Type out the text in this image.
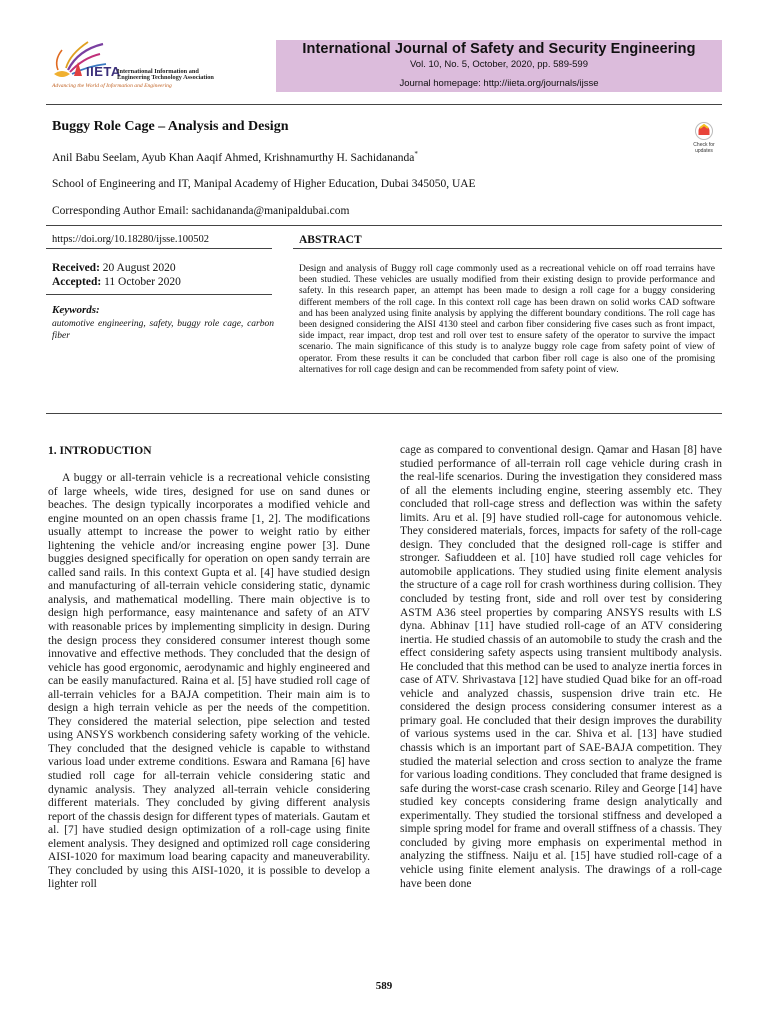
International Journal of Safety and Security Engineering
Vol. 10, No. 5, October, 2020, pp. 589-599
Journal homepage: http://iieta.org/journals/ijsse
IIETA
International Information and
Engineering Technology Association
Advancing the World of Information and Engineering
Buggy Role Cage – Analysis and Design
Check for updates
Anil Babu Seelam, Ayub Khan Aaqif Ahmed, Krishnamurthy H. Sachidananda*
School of Engineering and IT, Manipal Academy of Higher Education, Dubai 345050, UAE
Corresponding Author Email: sachidananda@manipaldubai.com
https://doi.org/10.18280/ijsse.100502
Received: 20 August 2020
Accepted: 11 October 2020
Keywords:
automotive engineering, safety, buggy role cage, carbon fiber
ABSTRACT
Design and analysis of Buggy roll cage commonly used as a recreational vehicle on off road terrains have been studied. These vehicles are usually modified from their existing design to provide performance and safety. In this research paper, an attempt has been made to design a roll cage for a buggy considering different members of the roll cage. In this context roll cage has been drawn on solid works CAD software and has been analyzed using finite analysis by applying the different boundary conditions. The roll cage has been designed considering the AISI 4130 steel and carbon fiber considering five cases such as front impact, side impact, rear impact, drop test and roll over test to ensure safety of the operator to survive the impact scenario. The main significance of this study is to analyze buggy role cage from safety point of view of operator. From these results it can be concluded that carbon fiber roll cage is also one of the promising alternatives for roll cage design and can be recommended from safety point of view.
1. INTRODUCTION
A buggy or all-terrain vehicle is a recreational vehicle consisting of large wheels, wide tires, designed for use on sand dunes or beaches. The design typically incorporates a modified vehicle and engine mounted on an open chassis frame [1, 2]. The modifications usually attempt to increase the power to weight ratio by either lightening the vehicle and/or increasing engine power [3]. Dune buggies designed specifically for operation on open sandy terrain are called sand rails. In this context Gupta et al. [4] have studied design and manufacturing of all-terrain vehicle considering static, dynamic analysis, and mathematical modelling. There main objective is to design high performance, easy maintenance and safety of an ATV with reasonable prices by implementing simplicity in design. During the design process they considered consumer interest though some innovative and effective methods. They concluded that the design of vehicle has good ergonomic, aerodynamic and highly engineered and can be easily manufactured. Raina et al. [5] have studied roll cage of all-terrain vehicles for a BAJA competition. Their main aim is to design a high terrain vehicle as per the needs of the competition. They considered the material selection, pipe selection and tested using ANSYS workbench considering safety working of the vehicle. They concluded that the designed vehicle is capable to withstand various load under extreme conditions. Eswara and Ramana [6] have studied roll cage for all-terrain vehicle considering static and dynamic analysis. They analyzed all-terrain vehicle considering different materials. They concluded by giving different analysis report of the chassis design for different types of materials. Gautam et al. [7] have studied design optimization of a roll-cage using finite element analysis. They designed and optimized roll cage considering AISI-1020 for maximum load bearing capacity and maneuverability. They concluded by using this AISI-1020, it is possible to develop a lighter roll
cage as compared to conventional design. Qamar and Hasan [8] have studied performance of all-terrain roll cage vehicle during crash in the real-life scenarios. During the investigation they considered mass of all the elements including engine, steering assembly etc. They concluded that roll-cage stress and deflection was within the safety limits. Aru et al. [9] have studied roll-cage for autonomous vehicle. They considered materials, forces, impacts for safety of the roll-cage design. They concluded that the designed roll-cage is stiffer and stronger. Safiuddeen et al. [10] have studied roll cage vehicles for automobile applications. They studied using finite element analysis the structure of a cage roll for crash worthiness during collision. They concluded by testing front, side and roll over test by considering ASTM A36 steel properties by comparing ANSYS results with LS dyna. Abhinav [11] have studied roll-cage of an ATV considering inertia. He studied chassis of an automobile to study the crash and the effect considering safety aspects using transient multibody analysis. He concluded that this method can be used to analyze inertia forces in case of ATV. Shrivastava [12] have studied Quad bike for an off-road vehicle and analyzed chassis, suspension drive train etc. He considered the design process considering consumer interest as a primary goal. He concluded that their design improves the durability of various systems used in the car. Shiva et al. [13] have studied chassis which is an important part of SAE-BAJA competition. They studied the material selection and cross section to analyze the frame for various loading conditions. They concluded that frame designed is safe during the worst-case crash scenario. Riley and George [14] have studied key concepts considering frame design analytically and experimentally. They studied the torsional stiffness and developed a simple spring model for frame and overall stiffness of a chassis. They concluded by giving more emphasis on experimental method in analyzing the stiffness. Naiju et al. [15] have studied roll-cage of a vehicle using finite element analysis. The drawings of a roll-cage have been done
589
